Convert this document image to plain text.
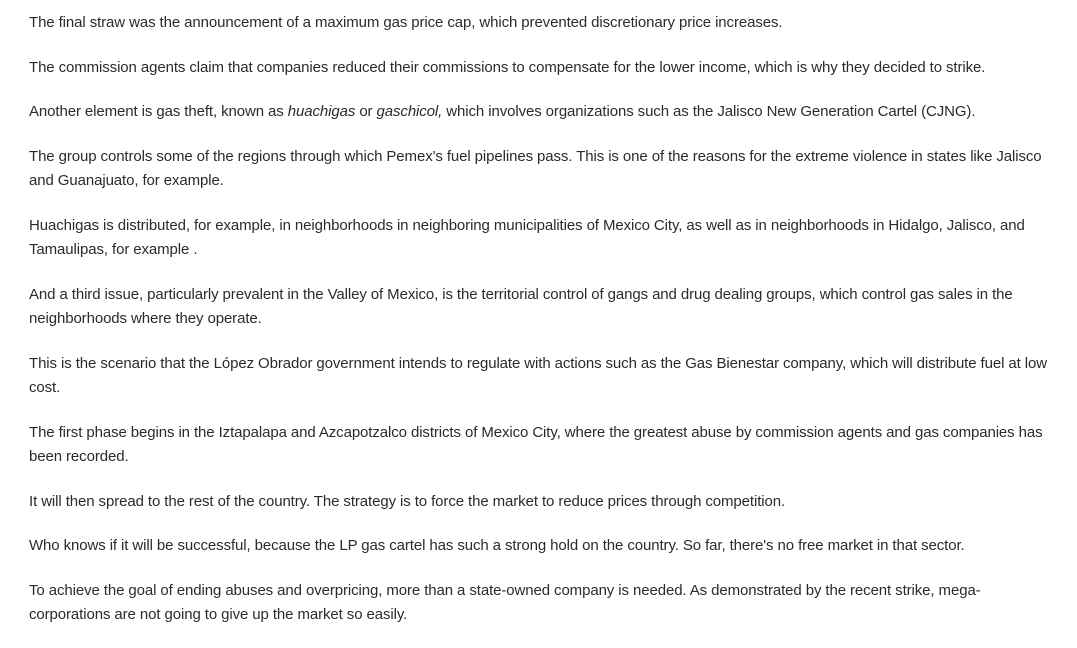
The final straw was the announcement of a maximum gas price cap, which prevented discretionary price increases.

The commission agents claim that companies reduced their commissions to compensate for the lower income, which is why they decided to strike.

Another element is gas theft, known as huachigas or gaschicol, which involves organizations such as the Jalisco New Generation Cartel (CJNG).

The group controls some of the regions through which Pemex's fuel pipelines pass. This is one of the reasons for the extreme violence in states like Jalisco and Guanajuato, for example.

Huachigas is distributed, for example, in neighborhoods in neighboring municipalities of Mexico City, as well as in neighborhoods in Hidalgo, Jalisco, and Tamaulipas, for example .

And a third issue, particularly prevalent in the Valley of Mexico, is the territorial control of gangs and drug dealing groups, which control gas sales in the neighborhoods where they operate.

This is the scenario that the López Obrador government intends to regulate with actions such as the Gas Bienestar company, which will distribute fuel at low cost.

The first phase begins in the Iztapalapa and Azcapotzalco districts of Mexico City, where the greatest abuse by commission agents and gas companies has been recorded.

It will then spread to the rest of the country. The strategy is to force the market to reduce prices through competition.

Who knows if it will be successful, because the LP gas cartel has such a strong hold on the country. So far, there's no free market in that sector.

To achieve the goal of ending abuses and overpricing, more than a state-owned company is needed. As demonstrated by the recent strike, mega-corporations are not going to give up the market so easily.
